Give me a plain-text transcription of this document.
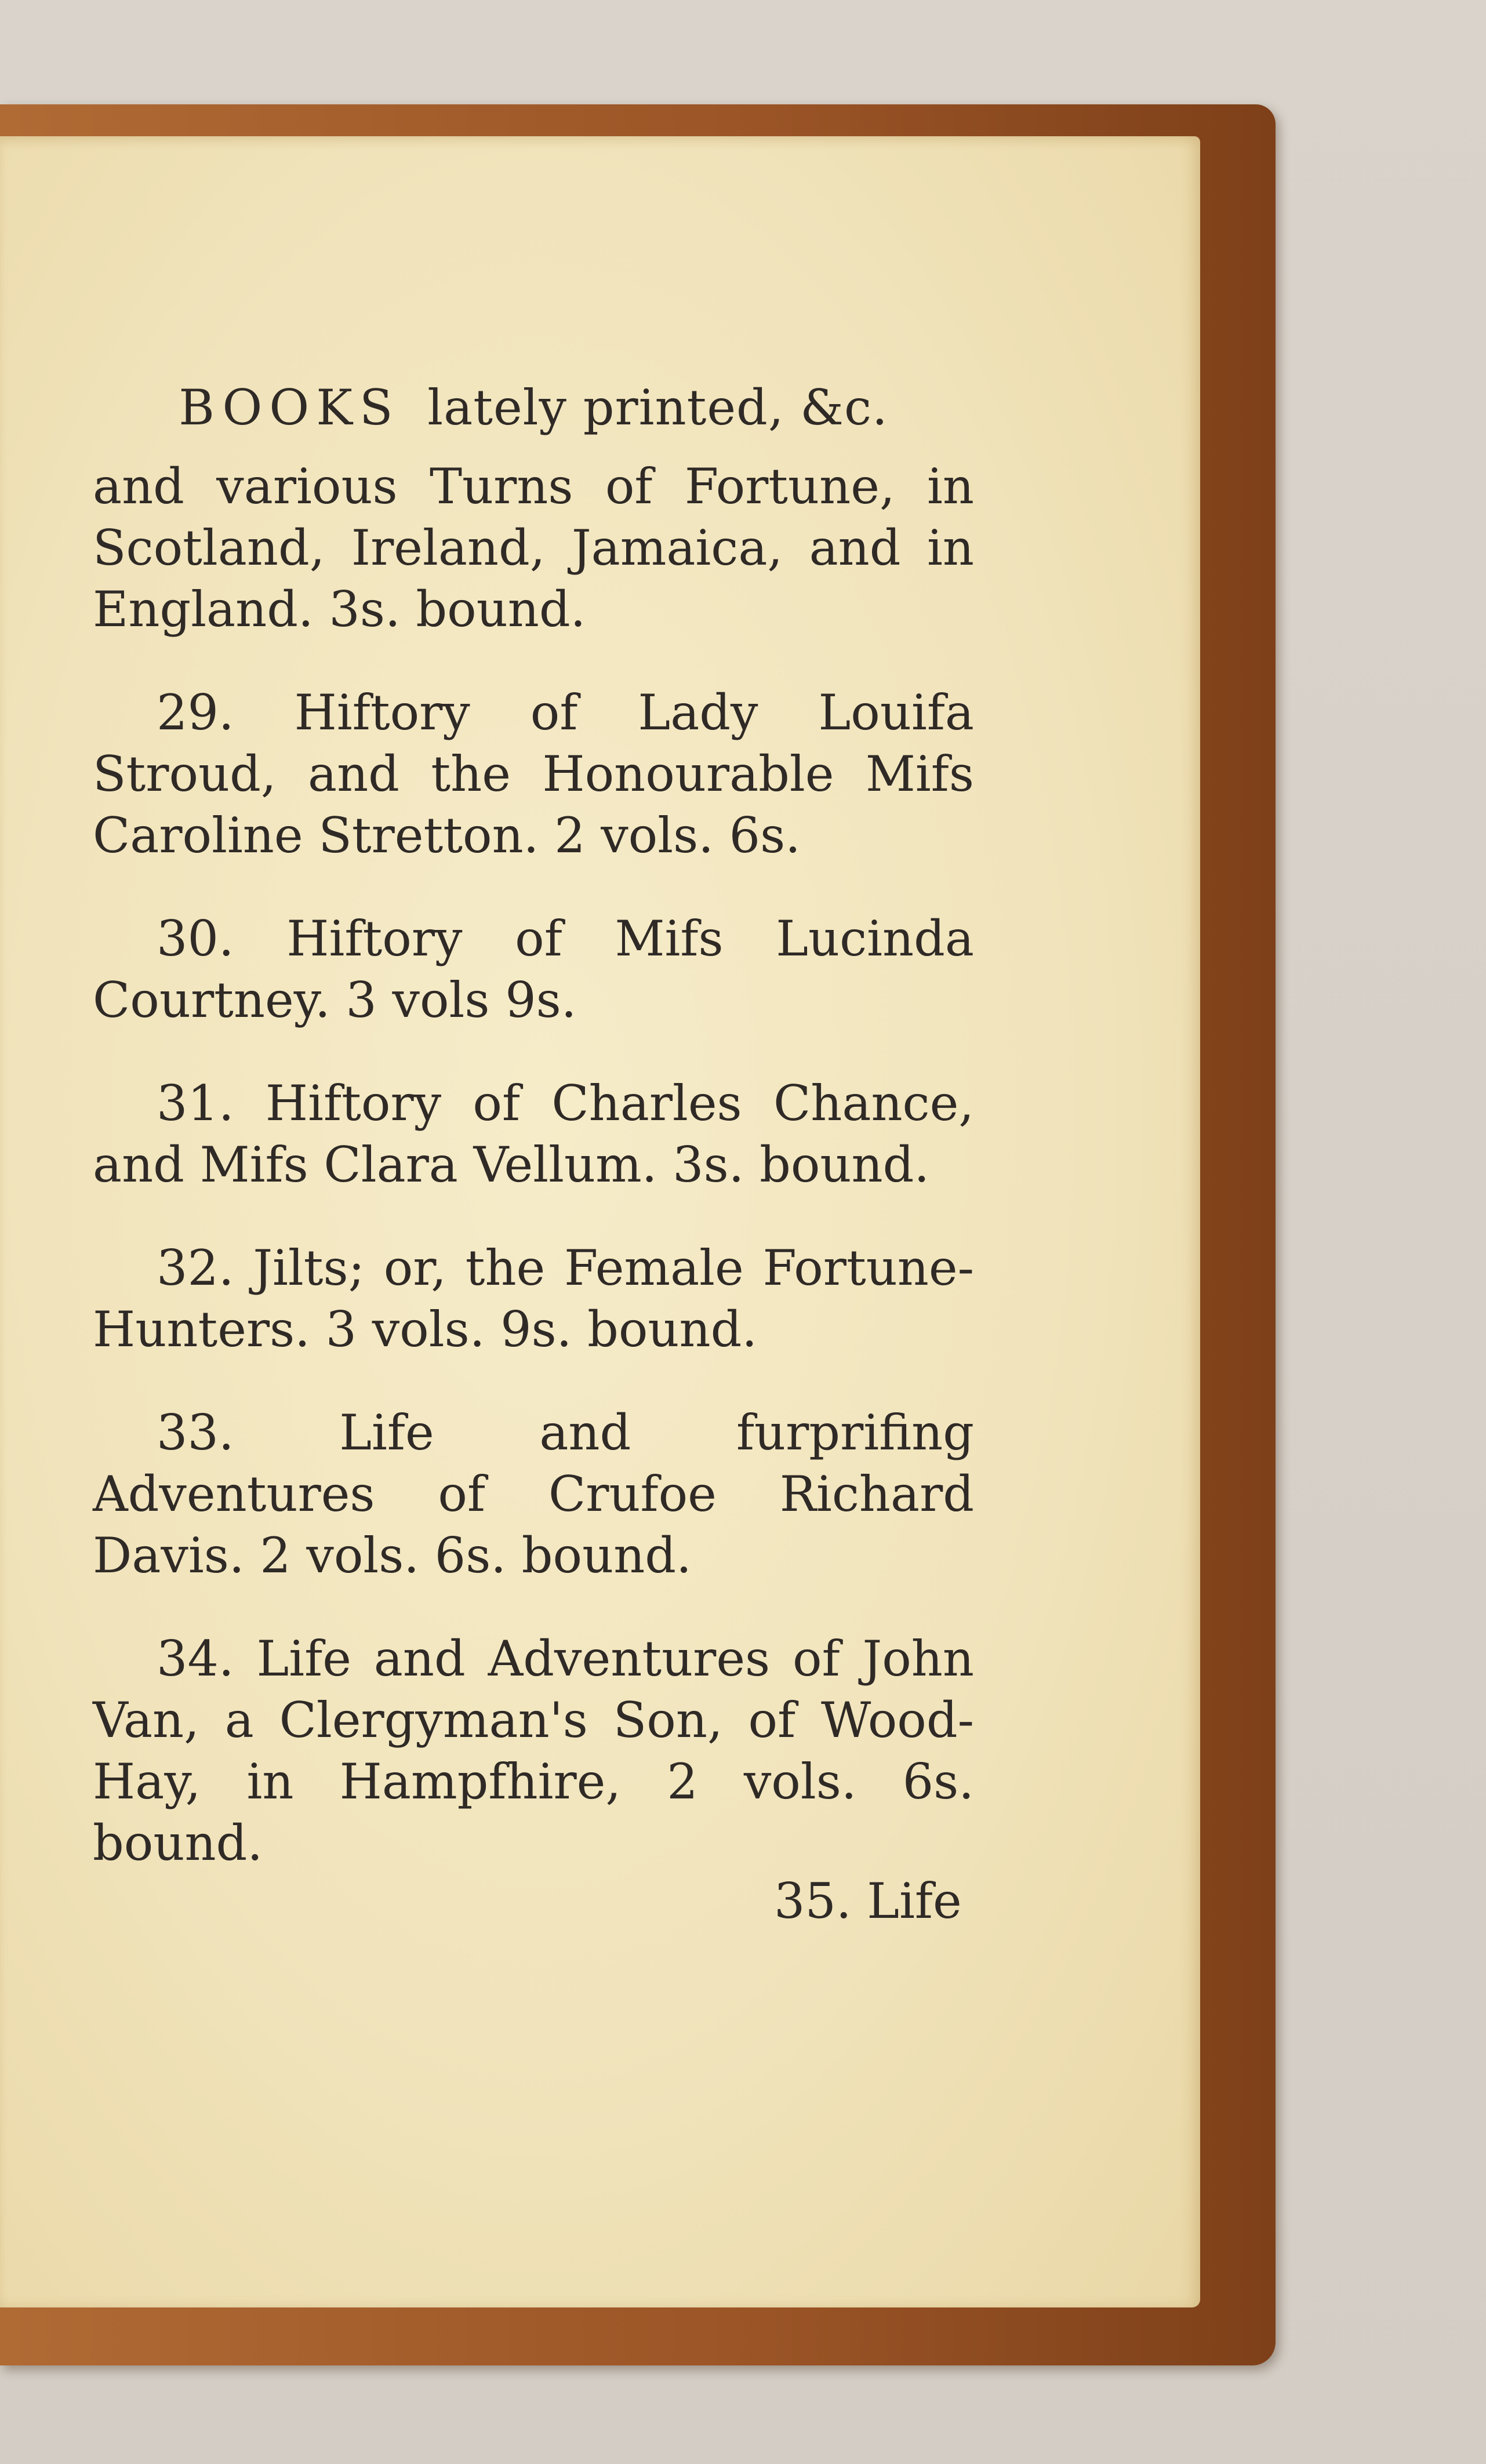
BOOKS lately printed, &c.

and various Turns of Fortune, in Scotland, Ireland, Jamaica, and in England. 3s. bound.

29. Hiftory of Lady Louifa Stroud, and the Honourable Mifs Caroline Stretton. 2 vols. 6s.

30. Hiftory of Mifs Lucinda Courtney. 3 vols 9s.

31. Hiftory of Charles Chance, and Mifs Clara Vellum. 3s. bound.

32. Jilts; or, the Female Fortune-Hunters. 3 vols. 9s. bound.

33. Life and furprifing Adventures of Crufoe Richard Davis. 2 vols. 6s. bound.

34. Life and Adventures of John Van, a Clergyman's Son, of Wood-Hay, in Hampfhire, 2 vols. 6s. bound.

35. Life
